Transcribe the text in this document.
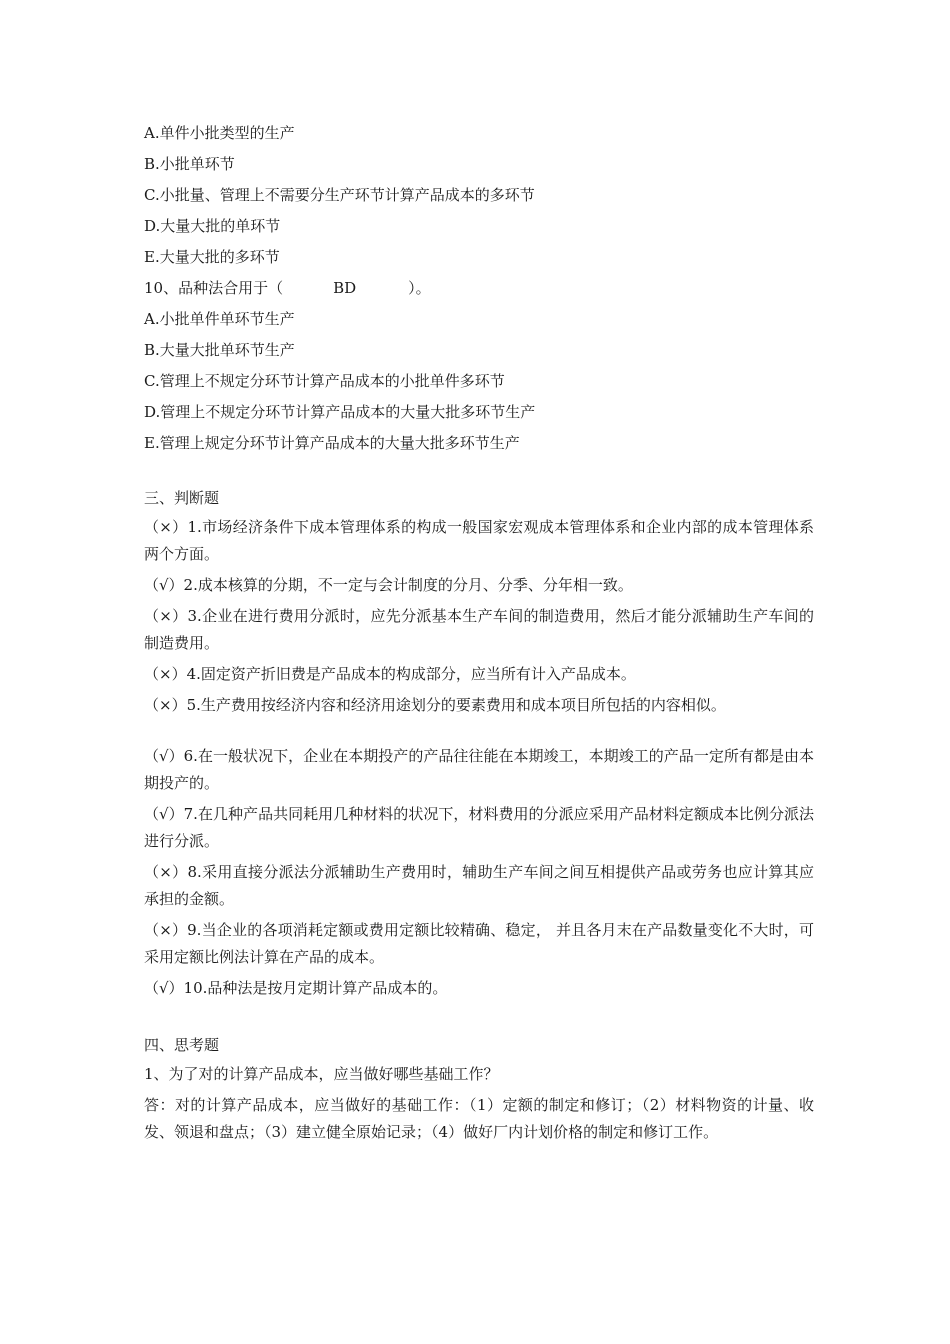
A.单件小批类型的生产
B.小批单环节
C.小批量、管理上不需要分生产环节计算产品成本的多环节
D.大量大批的单环节
E.大量大批的多环节
10、品种法合用于（	BD	）。
A.小批单件单环节生产
B.大量大批单环节生产
C.管理上不规定分环节计算产品成本的小批单件多环节
D.管理上不规定分环节计算产品成本的大量大批多环节生产
E.管理上规定分环节计算产品成本的大量大批多环节生产
三、判断题
（×）1.市场经济条件下成本管理体系的构成一般国家宏观成本管理体系和企业内部的成本管理体系两个方面。
（√）2.成本核算的分期，不一定与会计制度的分月、分季、分年相一致。
（×）3.企业在进行费用分派时，应先分派基本生产车间的制造费用，然后才能分派辅助生产车间的制造费用。
（×）4.固定资产折旧费是产品成本的构成部分，应当所有计入产品成本。
（×）5.生产费用按经济内容和经济用途划分的要素费用和成本项目所包括的内容相似。
（√）6.在一般状况下，企业在本期投产的产品往往能在本期竣工，本期竣工的产品一定所有都是由本期投产的。
（√）7.在几种产品共同耗用几种材料的状况下，材料费用的分派应采用产品材料定额成本比例分派法进行分派。
（×）8.采用直接分派法分派辅助生产费用时，辅助生产车间之间互相提供产品或劳务也应计算其应承担的金额。
（×）9.当企业的各项消耗定额或费用定额比较精确、稳定， 并且各月末在产品数量变化不大时，可采用定额比例法计算在产品的成本。
（√）10.品种法是按月定期计算产品成本的。
四、思考题
1、为了对的计算产品成本，应当做好哪些基础工作？
答：对的计算产品成本，应当做好的基础工作：（1）定额的制定和修订；（2）材料物资的计量、收发、领退和盘点；（3）建立健全原始记录；（4）做好厂内计划价格的制定和修订工作。
